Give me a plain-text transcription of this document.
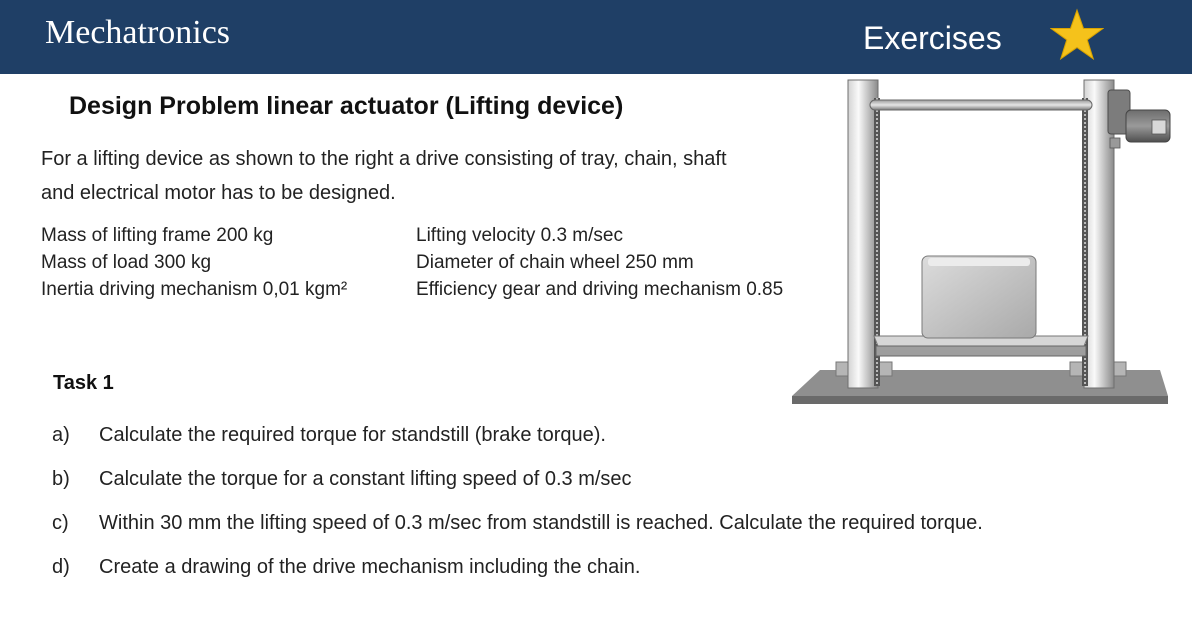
Mechatronics	Exercises
Design Problem linear actuator (Lifting device)
For a lifting device as shown to the right a drive consisting of tray, chain, shaft and electrical motor has to be designed.
Mass of lifting frame 200 kg
Mass of load 300 kg
Inertia driving mechanism 0,01 kgm²
Lifting velocity 0.3 m/sec
Diameter of chain wheel 250 mm
Efficiency gear and driving mechanism 0.85
Task 1
a) Calculate the required torque for standstill (brake torque).
b) Calculate the torque for a constant lifting speed of 0.3 m/sec
c) Within 30 mm the lifting speed of 0.3 m/sec from standstill is reached. Calculate the required torque.
d) Create a drawing of the drive mechanism including the chain.
